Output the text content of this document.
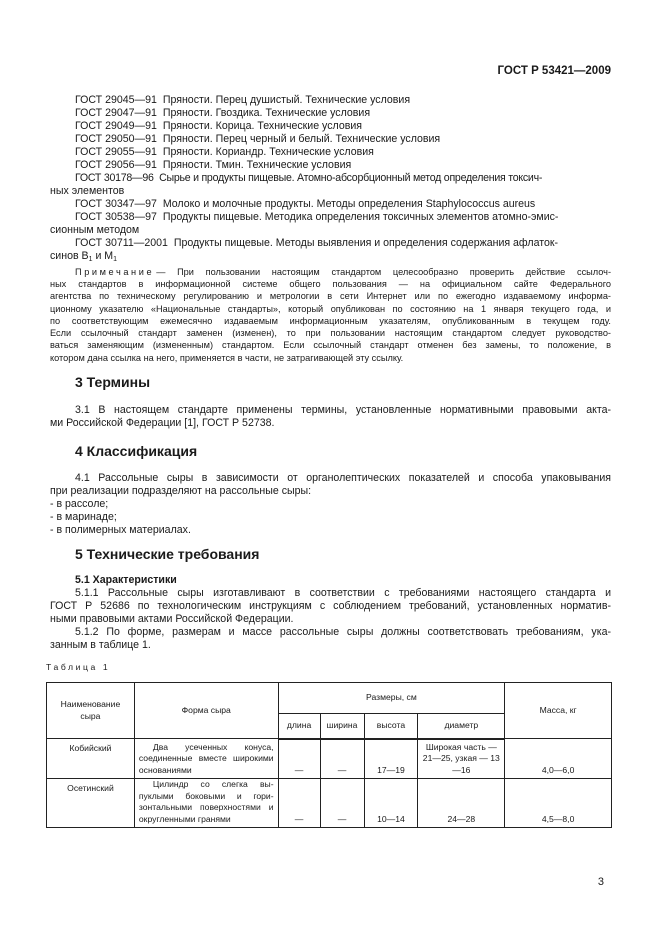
ГОСТ Р 53421—2009
ГОСТ 29045—91 Пряности. Перец душистый. Технические условия
ГОСТ 29047—91 Пряности. Гвоздика. Технические условия
ГОСТ 29049—91 Пряности. Корица. Технические условия
ГОСТ 29050—91 Пряности. Перец черный и белый. Технические условия
ГОСТ 29055—91 Пряности. Кориандр. Технические условия
ГОСТ 29056—91 Пряности. Тмин. Технические условия
ГОСТ 30178—96 Сырье и продукты пищевые. Атомно-абсорбционный метод определения токсич-
ных элементов
ГОСТ 30347—97 Молоко и молочные продукты. Методы определения Staphylococcus aureus
ГОСТ 30538—97 Продукты пищевые. Методика определения токсичных элементов атомно-эмис-
сионным методом
ГОСТ 30711—2001 Продукты пищевые. Методы выявления и определения содержания афлаток-
синов $B_1$ и $M_1$
Примечание — При пользовании настоящим стандартом целесообразно проверить действие ссылоч-
ных стандартов в информационной системе общего пользования — на официальном сайте Федерального
агентства по техническому регулированию и метрологии в сети Интернет или по ежегодно издаваемому информа-
ционному указателю «Национальные стандарты», который опубликован по состоянию на 1 января текущего года, и
по соответствующим ежемесячно издаваемым информационным указателям, опубликованным в текущем году.
Если ссылочный стандарт заменен (изменен), то при пользовании настоящим стандартом следует руководство-
ваться заменяющим (измененным) стандартом. Если ссылочный стандарт отменен без замены, то положение, в
котором дана ссылка на него, применяется в части, не затрагивающей эту ссылку.
3 Термины
3.1 В настоящем стандарте применены термины, установленные нормативными правовыми акта-
ми Российской Федерации [1], ГОСТ Р 52738.
4 Классификация
4.1 Рассольные сыры в зависимости от органолептических показателей и способа упаковывания
при реализации подразделяют на рассольные сыры:
- в рассоле;
- в маринаде;
- в полимерных материалах.
5 Технические требования
5.1 Характеристики
5.1.1 Рассольные сыры изготавливают в соответствии с требованиями настоящего стандарта и
ГОСТ Р 52686 по технологическим инструкциям с соблюдением требований, установленных норматив-
ными правовыми актами Российской Федерации.
5.1.2 По форме, размерам и массе рассольные сыры должны соответствовать требованиям, ука-
занным в таблице 1.
Таблица 1
Наименование сыра	Форма сыра	Размеры, см				Масса, кг
		длина	ширина	высота	диаметр	
Кобийский	Два усеченных конуса, соединенные вместе широкими основаниями	—	—	17—19	Широкая часть — 21—25, узкая — 13—16	4,0—6,0
Осетинский	Цилиндр со слегка выпуклыми боковыми и горизонтальными поверхностями и округленными гранями	—	—	10—14	24—28	4,5—8,0
3
